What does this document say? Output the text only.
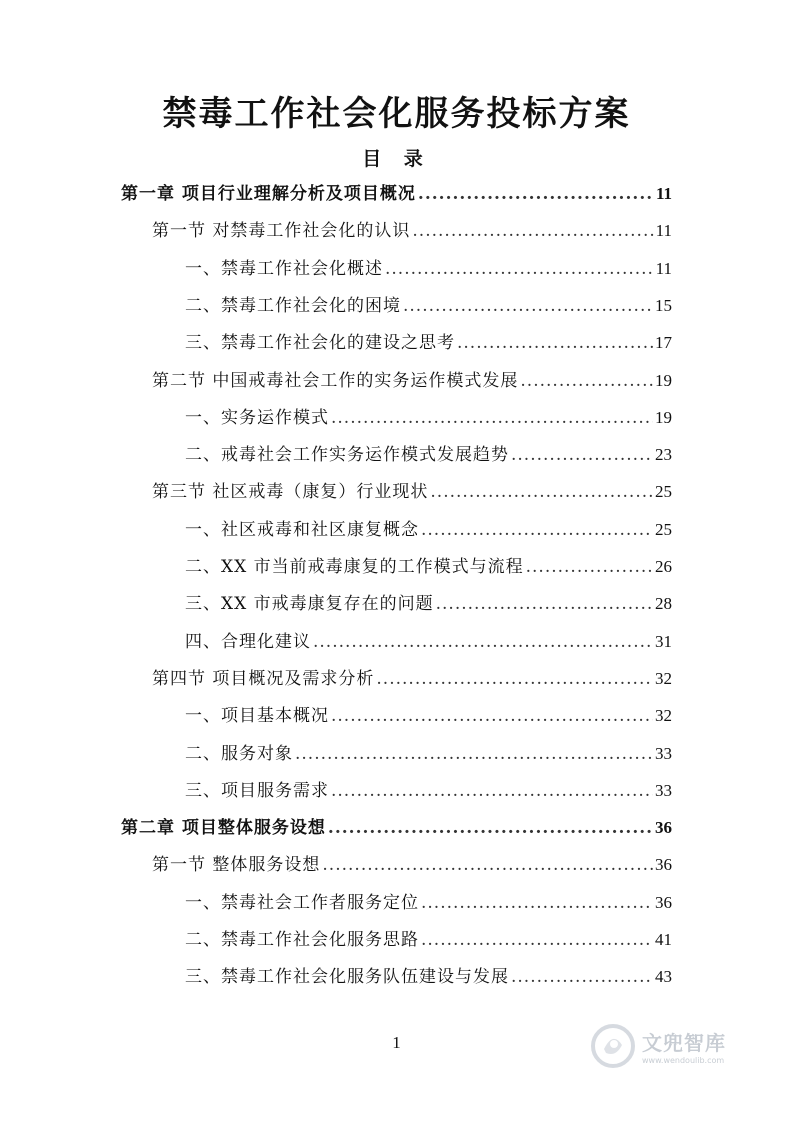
禁毒工作社会化服务投标方案
目 录
第一章 项目行业理解分析及项目概况 .....	11
第一节 对禁毒工作社会化的认识 .....	11
一、禁毒工作社会化概述 .....	11
二、禁毒工作社会化的困境 .....	15
三、禁毒工作社会化的建设之思考 .....	17
第二节 中国戒毒社会工作的实务运作模式发展 .....	19
一、实务运作模式 .....	19
二、戒毒社会工作实务运作模式发展趋势 .....	23
第三节 社区戒毒（康复）行业现状 .....	25
一、社区戒毒和社区康复概念 .....	25
二、XX 市当前戒毒康复的工作模式与流程 .....	26
三、XX 市戒毒康复存在的问题 .....	28
四、合理化建议 .....	31
第四节 项目概况及需求分析 .....	32
一、项目基本概况 .....	32
二、服务对象 .....	33
三、项目服务需求 .....	33
第二章 项目整体服务设想 .....	36
第一节 整体服务设想 .....	36
一、禁毒社会工作者服务定位 .....	36
二、禁毒工作社会化服务思路 .....	41
三、禁毒工作社会化服务队伍建设与发展 .....	43
1	文兜智库
www.wendoulib.com
